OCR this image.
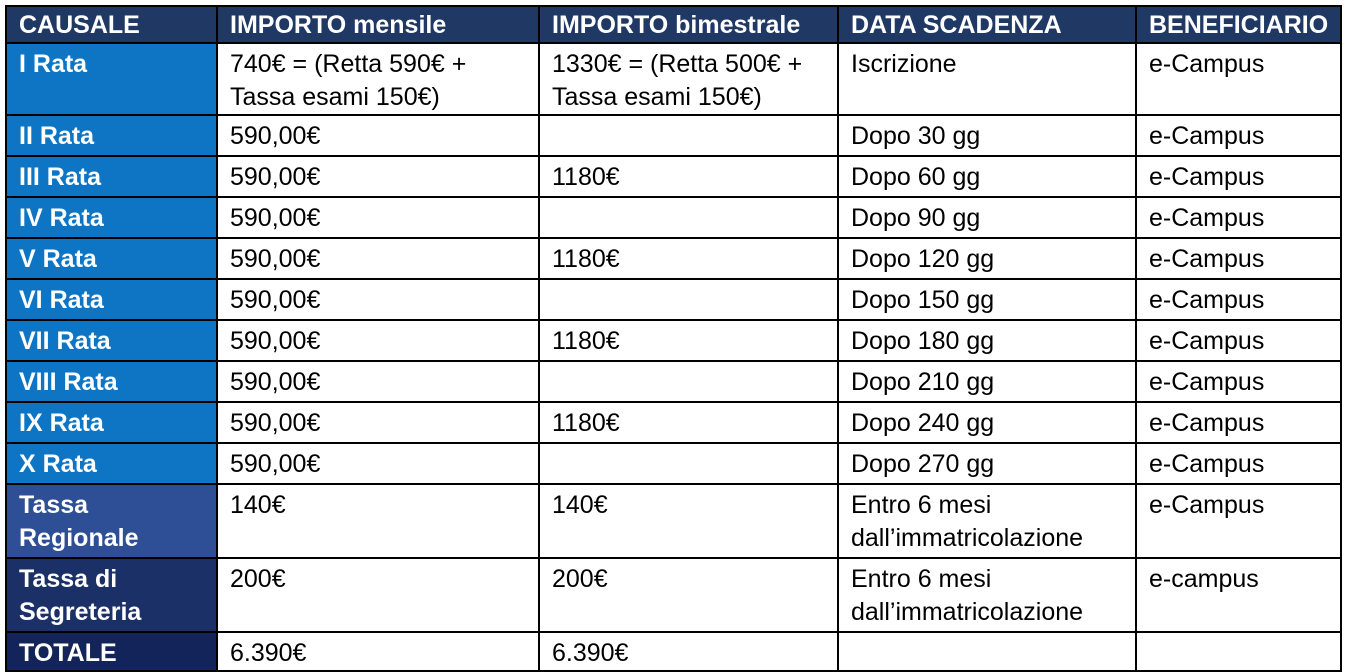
CAUSALE	IMPORTO mensile	IMPORTO bimestrale	DATA SCADENZA	BENEFICIARIO
I Rata	740€ = (Retta 590€ + Tassa esami 150€)	1330€ = (Retta 500€ + Tassa esami 150€)	Iscrizione	e-Campus
II Rata	590,00€		Dopo 30 gg	e-Campus
III Rata	590,00€	1180€	Dopo 60 gg	e-Campus
IV Rata	590,00€		Dopo 90 gg	e-Campus
V Rata	590,00€	1180€	Dopo 120 gg	e-Campus
VI Rata	590,00€		Dopo 150 gg	e-Campus
VII Rata	590,00€	1180€	Dopo 180 gg	e-Campus
VIII Rata	590,00€		Dopo 210 gg	e-Campus
IX Rata	590,00€	1180€	Dopo 240 gg	e-Campus
X Rata	590,00€		Dopo 270 gg	e-Campus
Tassa Regionale	140€	140€	Entro 6 mesi dall’immatricolazione	e-Campus
Tassa di Segreteria	200€	200€	Entro 6 mesi dall’immatricolazione	e-campus
TOTALE	6.390€	6.390€		
